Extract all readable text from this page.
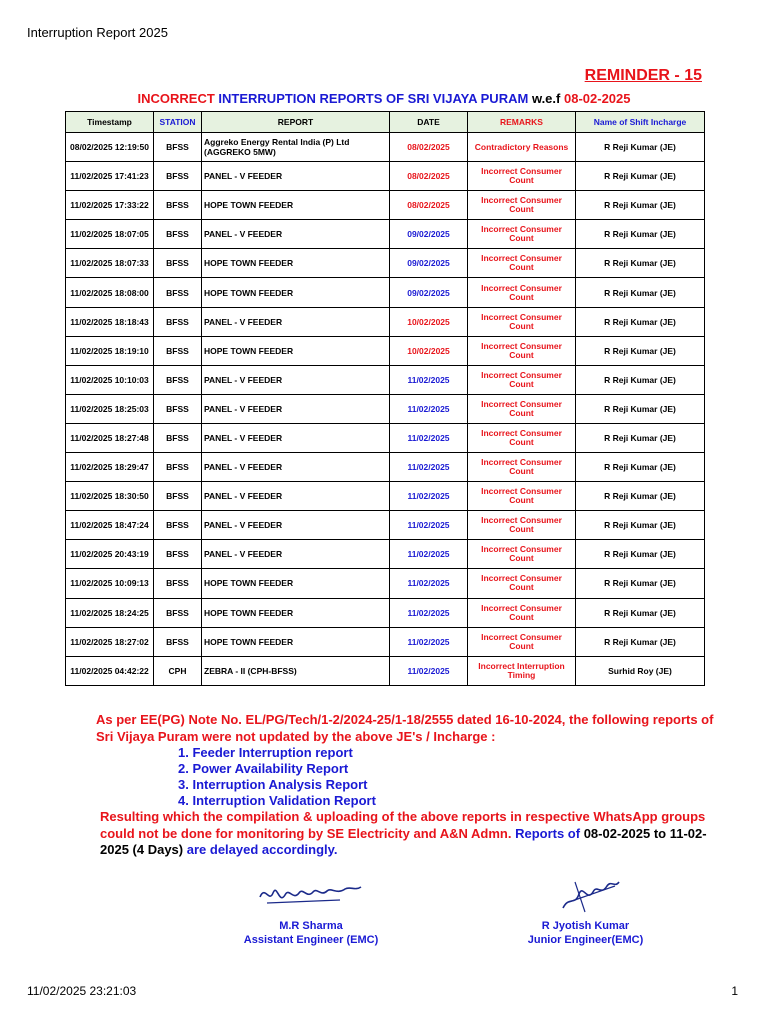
Interruption Report 2025
REMINDER - 15
INCORRECT INTERRUPTION REPORTS OF SRI VIJAYA PURAM w.e.f 08-02-2025
Timestamp	STATION	REPORT	DATE	REMARKS	Name of Shift Incharge
08/02/2025 12:19:50	BFSS	Aggreko Energy Rental India (P) Ltd (AGGREKO 5MW)	08/02/2025	Contradictory Reasons	R Reji Kumar (JE)
11/02/2025 17:41:23	BFSS	PANEL - V FEEDER	08/02/2025	Incorrect Consumer Count	R Reji Kumar (JE)
11/02/2025 17:33:22	BFSS	HOPE TOWN FEEDER	08/02/2025	Incorrect Consumer Count	R Reji Kumar (JE)
11/02/2025 18:07:05	BFSS	PANEL - V FEEDER	09/02/2025	Incorrect Consumer Count	R Reji Kumar (JE)
11/02/2025 18:07:33	BFSS	HOPE TOWN FEEDER	09/02/2025	Incorrect Consumer Count	R Reji Kumar (JE)
11/02/2025 18:08:00	BFSS	HOPE TOWN FEEDER	09/02/2025	Incorrect Consumer Count	R Reji Kumar (JE)
11/02/2025 18:18:43	BFSS	PANEL - V FEEDER	10/02/2025	Incorrect Consumer Count	R Reji Kumar (JE)
11/02/2025 18:19:10	BFSS	HOPE TOWN FEEDER	10/02/2025	Incorrect Consumer Count	R Reji Kumar (JE)
11/02/2025 10:10:03	BFSS	PANEL - V FEEDER	11/02/2025	Incorrect Consumer Count	R Reji Kumar (JE)
11/02/2025 18:25:03	BFSS	PANEL - V FEEDER	11/02/2025	Incorrect Consumer Count	R Reji Kumar (JE)
11/02/2025 18:27:48	BFSS	PANEL - V FEEDER	11/02/2025	Incorrect Consumer Count	R Reji Kumar (JE)
11/02/2025 18:29:47	BFSS	PANEL - V FEEDER	11/02/2025	Incorrect Consumer Count	R Reji Kumar (JE)
11/02/2025 18:30:50	BFSS	PANEL - V FEEDER	11/02/2025	Incorrect Consumer Count	R Reji Kumar (JE)
11/02/2025 18:47:24	BFSS	PANEL - V FEEDER	11/02/2025	Incorrect Consumer Count	R Reji Kumar (JE)
11/02/2025 20:43:19	BFSS	PANEL - V FEEDER	11/02/2025	Incorrect Consumer Count	R Reji Kumar (JE)
11/02/2025 10:09:13	BFSS	HOPE TOWN FEEDER	11/02/2025	Incorrect Consumer Count	R Reji Kumar (JE)
11/02/2025 18:24:25	BFSS	HOPE TOWN FEEDER	11/02/2025	Incorrect Consumer Count	R Reji Kumar (JE)
11/02/2025 18:27:02	BFSS	HOPE TOWN FEEDER	11/02/2025	Incorrect Consumer Count	R Reji Kumar (JE)
11/02/2025 04:42:22	CPH	ZEBRA - II (CPH-BFSS)	11/02/2025	Incorrect Interruption Timing	Surhid Roy (JE)
As per EE(PG) Note No. EL/PG/Tech/1-2/2024-25/1-18/2555 dated 16-10-2024, the following reports of Sri Vijaya Puram were not updated by the above JE's / Incharge :
1. Feeder Interruption report
2. Power Availability Report
3. Interruption Analysis Report
4. Interruption Validation Report
Resulting which the compilation & uploading of the above reports in respective WhatsApp groups could not be done for monitoring by SE Electricity and A&N Admn. Reports of 08-02-2025 to 11-02-2025 (4 Days) are delayed accordingly.
M.R Sharma
Assistant Engineer (EMC)
R Jyotish Kumar
Junior Engineer(EMC)
11/02/2025 23:21:03	1
